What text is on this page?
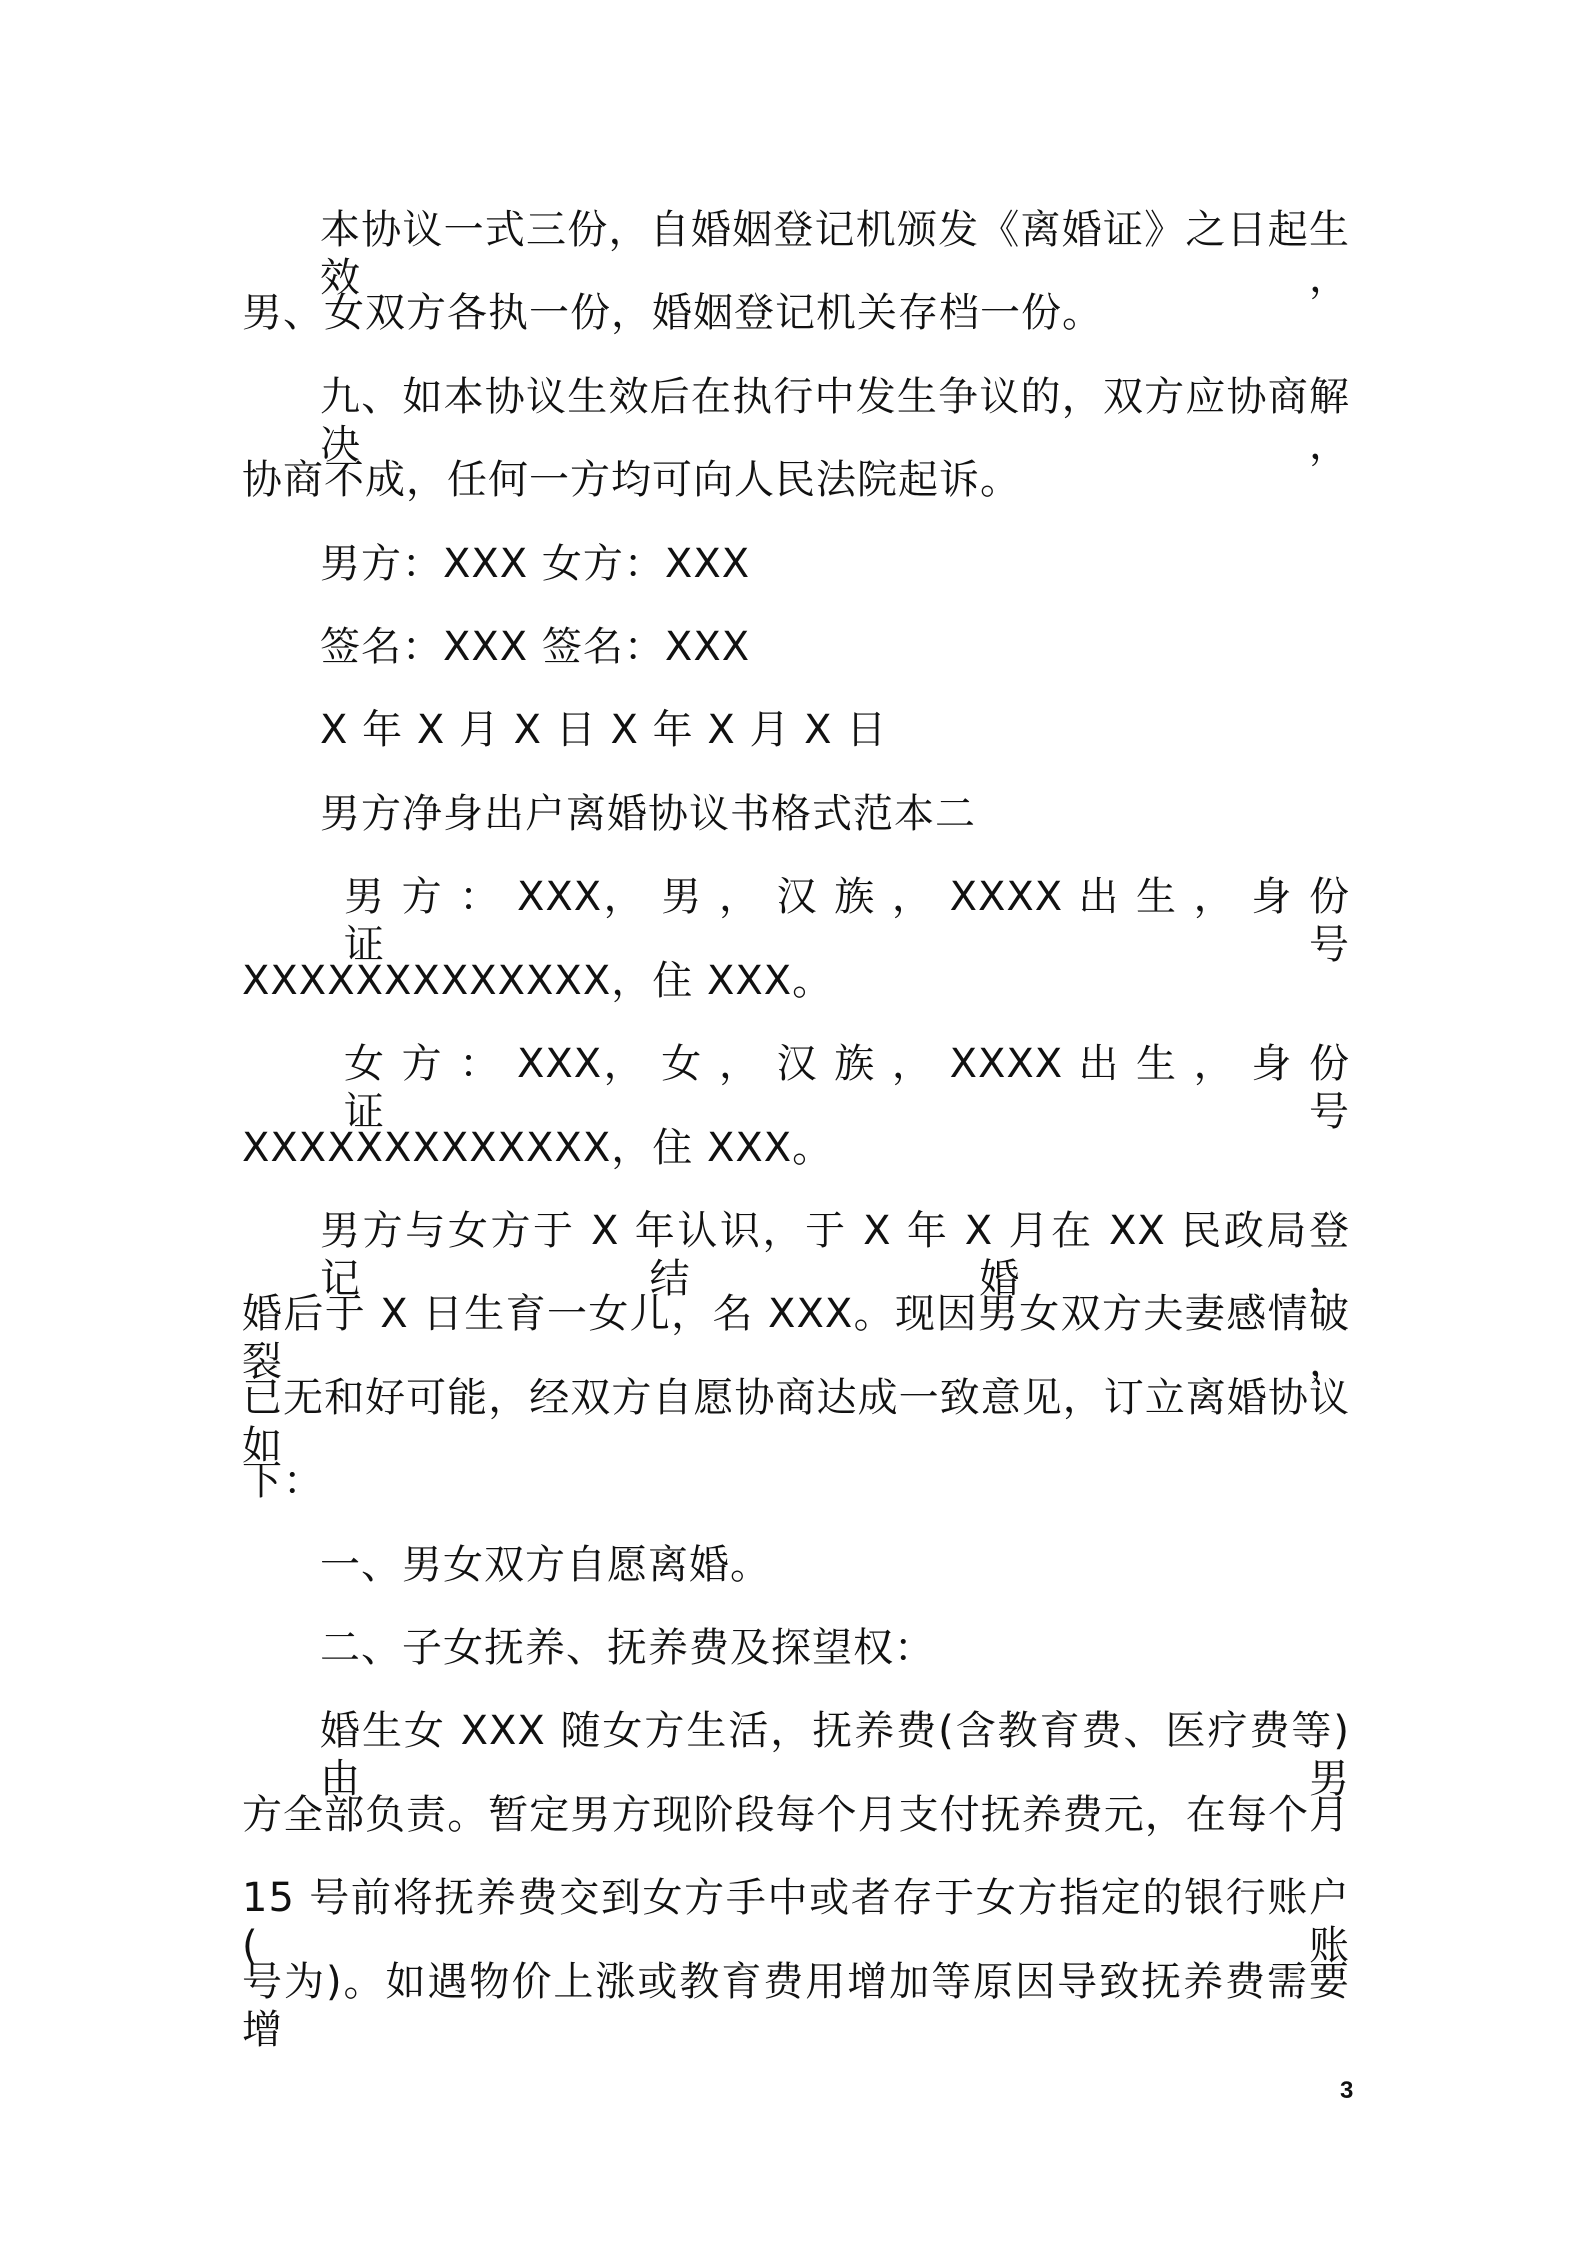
本协议一式三份，自婚姻登记机颁发《离婚证》之日起生效，
男、女双方各执一份，婚姻登记机关存档一份。
九、如本协议生效后在执行中发生争议的，双方应协商解决，
协商不成，任何一方均可向人民法院起诉。
男方：XXX 女方：XXX
签名：XXX 签名：XXX
X 年 X 月 X 日 X 年 X 月 X 日
男方净身出户离婚协议书格式范本二
男 方 ： XXX， 男 ， 汉 族 ， XXXX 出 生 ， 身 份 证 号
XXXXXXXXXXXXX，住 XXX。
女 方 ： XXX， 女 ， 汉 族 ， XXXX 出 生 ， 身 份 证 号
XXXXXXXXXXXXX，住 XXX。
男方与女方于 X 年认识，于 X 年 X 月在 XX 民政局登记结婚，
婚后于 X 日生育一女儿，名 XXX。现因男女双方夫妻感情破裂，
已无和好可能，经双方自愿协商达成一致意见，订立离婚协议如
下：
一、男女双方自愿离婚。
二、子女抚养、抚养费及探望权：
婚生女 XXX 随女方生活，抚养费(含教育费、医疗费等)由男
方全部负责。暂定男方现阶段每个月支付抚养费元，在每个月
15 号前将抚养费交到女方手中或者存于女方指定的银行账户(账
号为)。如遇物价上涨或教育费用增加等原因导致抚养费需要增
3
